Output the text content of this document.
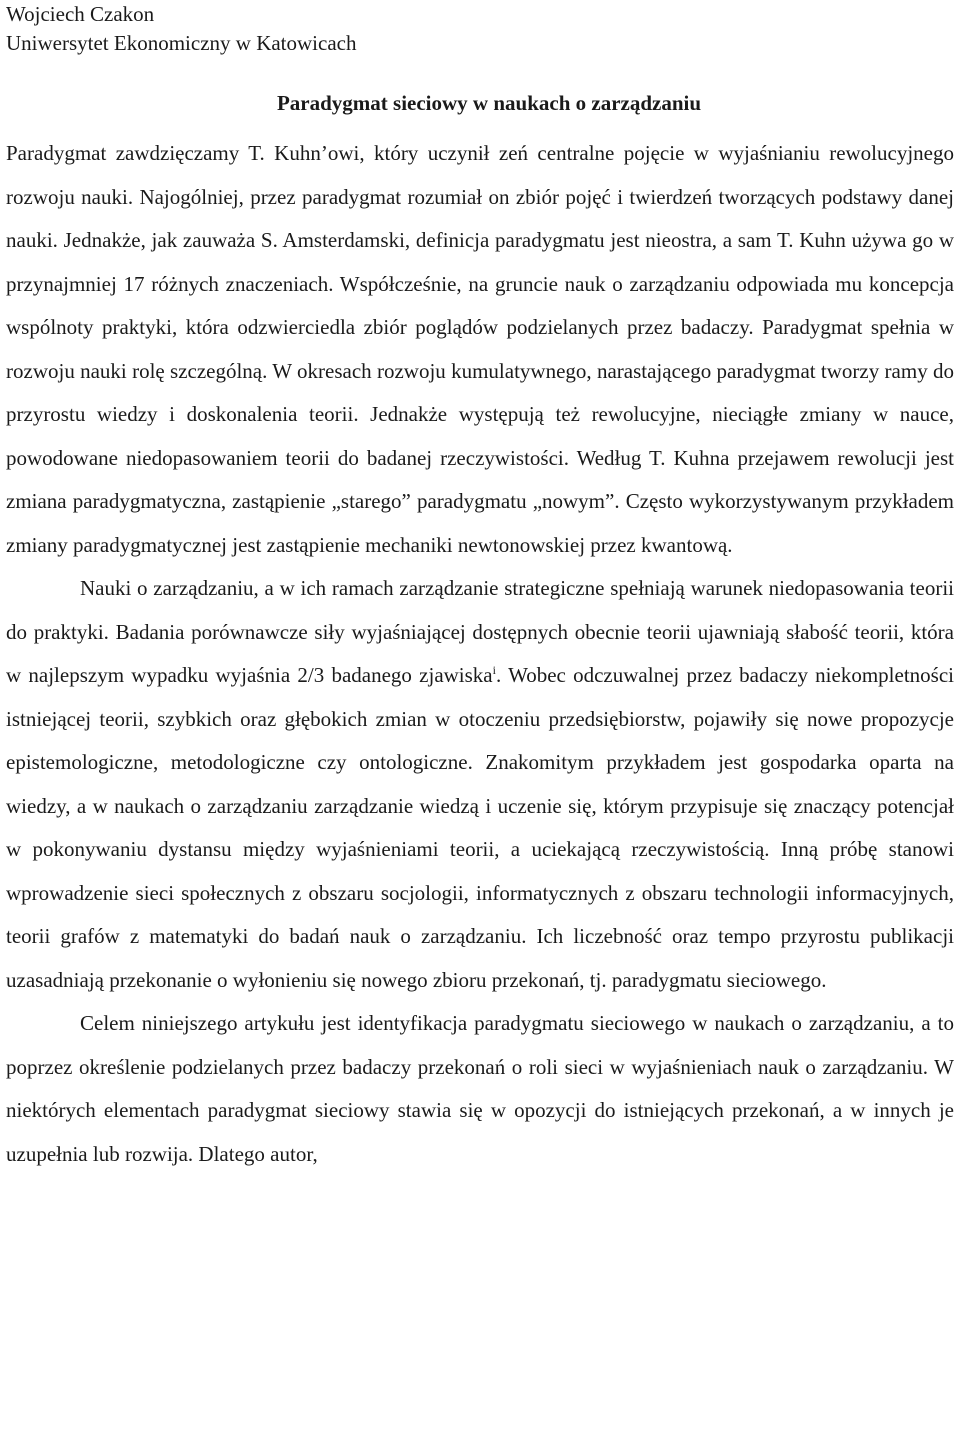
Wojciech Czakon

Uniwersytet Ekonomiczny w Katowicach

Paradygmat sieciowy w naukach o zarządzaniu

Paradygmat zawdzięczamy T. Kuhn’owi, który uczynił zeń centralne pojęcie w wyjaśnianiu rewolucyjnego rozwoju nauki. Najogólniej, przez paradygmat rozumiał on zbiór pojęć i twierdzeń tworzących podstawy danej nauki. Jednakże, jak zauważa S. Amsterdamski, definicja paradygmatu jest nieostra, a sam T. Kuhn używa go w przynajmniej 17 różnych znaczeniach. Współcześnie, na gruncie nauk o zarządzaniu odpowiada mu koncepcja wspólnoty praktyki, która odzwierciedla zbiór poglądów podzielanych przez badaczy. Paradygmat spełnia w rozwoju nauki rolę szczególną. W okresach rozwoju kumulatywnego, narastającego paradygmat tworzy ramy do przyrostu wiedzy i doskonalenia teorii. Jednakże występują też rewolucyjne, nieciągłe zmiany w nauce, powodowane niedopasowaniem teorii do badanej rzeczywistości. Według T. Kuhna przejawem rewolucji jest zmiana paradygmatyczna, zastąpienie „starego” paradygmatu „nowym”. Często wykorzystywanym przykładem zmiany paradygmatycznej jest zastąpienie mechaniki newtonowskiej przez kwantową.

Nauki o zarządzaniu, a w ich ramach zarządzanie strategiczne spełniają warunek niedopasowania teorii do praktyki. Badania porównawcze siły wyjaśniającej dostępnych obecnie teorii ujawniają słabość teorii, która w najlepszym wypadku wyjaśnia 2/3 badanego zjawiska$^i$. Wobec odczuwalnej przez badaczy niekompletności istniejącej teorii, szybkich oraz głębokich zmian w otoczeniu przedsiębiorstw, pojawiły się nowe propozycje epistemologiczne, metodologiczne czy ontologiczne. Znakomitym przykładem jest gospodarka oparta na wiedzy, a w naukach o zarządzaniu zarządzanie wiedzą i uczenie się, którym przypisuje się znaczący potencjał w pokonywaniu dystansu między wyjaśnieniami teorii, a uciekającą rzeczywistością. Inną próbę stanowi wprowadzenie sieci społecznych z obszaru socjologii, informatycznych z obszaru technologii informacyjnych, teorii grafów z matematyki do badań nauk o zarządzaniu. Ich liczebność oraz tempo przyrostu publikacji uzasadniają przekonanie o wyłonieniu się nowego zbioru przekonań, tj. paradygmatu sieciowego.

Celem niniejszego artykułu jest identyfikacja paradygmatu sieciowego w naukach o zarządzaniu, a to poprzez określenie podzielanych przez badaczy przekonań o roli sieci w wyjaśnieniach nauk o zarządzaniu. W niektórych elementach paradygmat sieciowy stawia się w opozycji do istniejących przekonań, a w innych je uzupełnia lub rozwija. Dlatego autor,
